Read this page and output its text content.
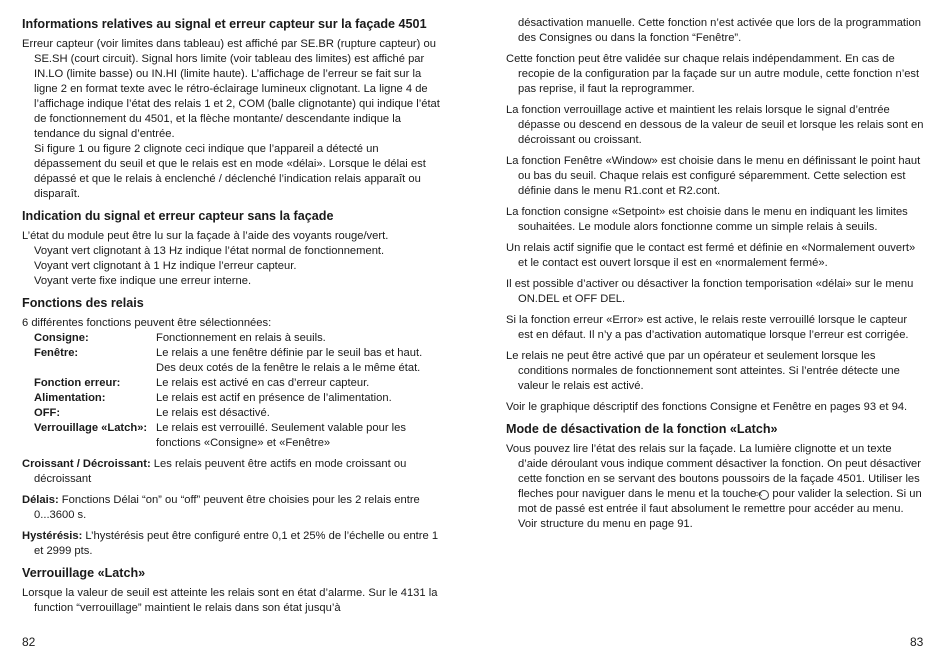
Informations relatives au signal et erreur capteur sur la façade 4501

Erreur capteur (voir limites dans tableau) est affiché par SE.BR (rupture capteur) ou SE.SH (court circuit). Signal hors limite (voir tableau des limites) est affiché par IN.LO (limite basse) ou IN.HI (limite haute). L’affichage de l’erreur se fait sur la ligne 2 en format texte avec le rétro-éclairage lumineux clignotant. La ligne 4 de l’affichage indique l’état des relais 1 et 2, COM (balle clignotante) qui indique l’état de fonctionnement du 4501, et la flèche montante/ descendante indique la tendance du signal d’entrée.

Si figure 1 ou figure 2 clignote ceci indique que l’appareil a détecté un dépassement du seuil et que le relais est en mode «délai». Lorsque le délai est dépassé et que le relais à enclenché / déclenché l’indication relais apparaît ou disparaît.

Indication du signal et erreur capteur sans la façade

L’état du module peut être lu sur la façade à l’aide des voyants rouge/vert.

Voyant vert clignotant à 13 Hz indique l’état normal de fonctionnement.

Voyant vert clignotant à 1 Hz indique l’erreur capteur.

Voyant verte fixe indique une erreur interne.

Fonctions des relais

6 différentes fonctions peuvent être sélectionnées:

Consigne:	Fonctionnement en relais à seuils.
Fenêtre:	Le relais a une fenêtre définie par le seuil bas et haut. Des deux cotés de la fenêtre le relais a le même état.
Fonction erreur:	Le relais est activé en cas d’erreur capteur.
Alimentation:	Le relais est actif en présence de l’alimentation.
OFF:	Le relais est désactivé.
Verrouillage «Latch»:	Le relais est verrouillé. Seulement valable pour les fonctions «Consigne» et «Fenêtre»

Croissant / Décroissant: Les relais peuvent être actifs en mode croissant ou décroissant

Délais: Fonctions Délai “on” ou “off” peuvent être choisies pour les 2 relais entre 0...3600 s.

Hystérésis: L’hystérésis peut être configuré entre 0,1 et 25% de l’échelle ou entre 1 et 2999 pts.

Verrouillage «Latch»

Lorsque la valeur de seuil est atteinte les relais sont en état d’alarme. Sur le 4131 la function “verrouillage” maintient le relais dans son état jusqu’à

désactivation manuelle. Cette fonction n’est activée que lors de la programmation des Consignes ou dans la fonction “Fenêtre”.

Cette fonction peut être validée sur chaque relais indépendamment. En cas de recopie de la configuration par la façade sur un autre module, cette fonction n’est pas reprise, il faut la reprogrammer.

La fonction verrouillage active et maintient les relais lorsque le signal d’entrée dépasse ou descend en dessous de la valeur de seuil et lorsque les relais sont en décroissant ou croissant.

La fonction Fenêtre «Window» est choisie dans le menu en définissant le point haut ou bas du seuil. Chaque relais est configuré séparemment. Cette selection est définie dans le menu R1.cont et R2.cont.

La fonction consigne «Setpoint» est choisie dans le menu en indiquant les limites souhaitées. Le module alors fonctionne comme un simple relais à seuils.

Un relais actif signifie que le contact est fermé et définie en «Normalement ouvert» et le contact est ouvert lorsque il est en «normalement fermé».

Il est possible d’activer ou désactiver la fonction temporisation «délai» sur le menu ON.DEL et OFF DEL.

Si la fonction erreur «Error» est active, le relais reste verrouillé lorsque le capteur est en défaut. Il n’y a pas d’activation automatique lorsque l’erreur est corrigée.

Le relais ne peut être activé que par un opérateur et seulement lorsque les conditions normales de fonctionnement sont atteintes. Si l’entrée détecte une valeur le relais est activé.

Voir le graphique déscriptif des fonctions Consigne et Fenêtre en pages 93 et 94.

Mode de désactivation de la fonction «Latch»

Vous pouvez lire l’état des relais sur la façade. La lumière clignotte et un texte d’aide déroulant vous indique comment désactiver la fonction. On peut désactiver cette fonction en se servant des boutons poussoirs de la façade 4501. Utiliser les fleches pour naviguer dans le menu et la touche OK pour valider la selection. Si un mot de passé est entrée il faut absolument le remettre pour accéder au menu. Voir structure du menu en page 91.

82	83
